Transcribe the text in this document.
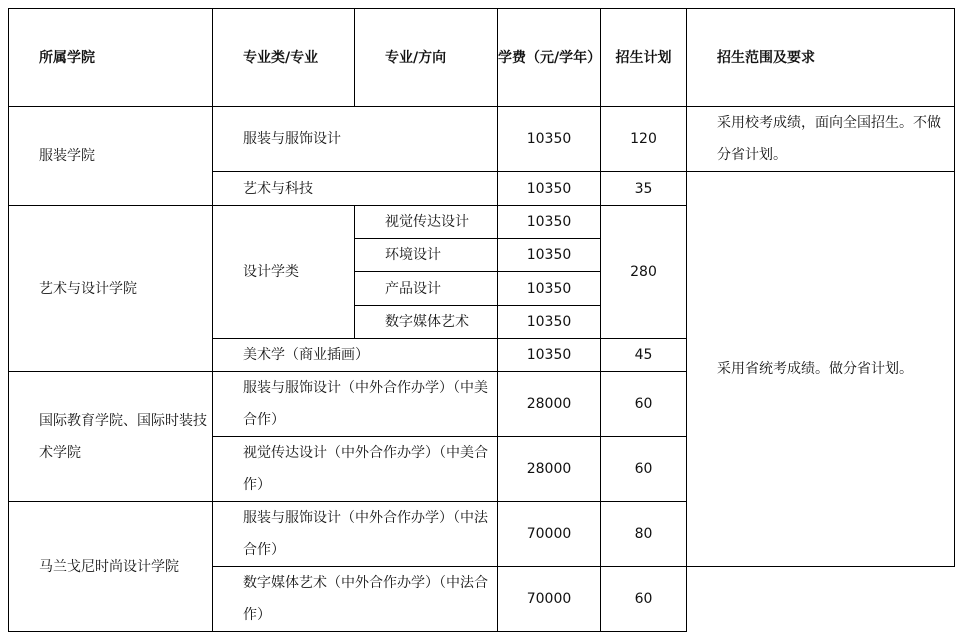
所属学院	专业类/专业	专业/方向	学费（元/学年）	招生计划	招生范围及要求
服装学院	服装与服饰设计		10350	120	采用校考成绩，面向全国招生。不做分省计划。
	艺术与科技		10350	35	采用省统考成绩。做分省计划。
艺术与设计学院	设计学类	视觉传达设计	10350	280	
		环境设计	10350		
		产品设计	10350		
		数字媒体艺术	10350		
	美术学（商业插画）		10350	45	
国际教育学院、国际时装技术学院	服装与服饰设计（中外合作办学）（中美合作）		28000	60	
	视觉传达设计（中外合作办学）（中美合作）		28000	60	
马兰戈尼时尚设计学院	服装与服饰设计（中外合作办学）（中法合作）		70000	80	
	数字媒体艺术（中外合作办学）（中法合作）		70000	60	
